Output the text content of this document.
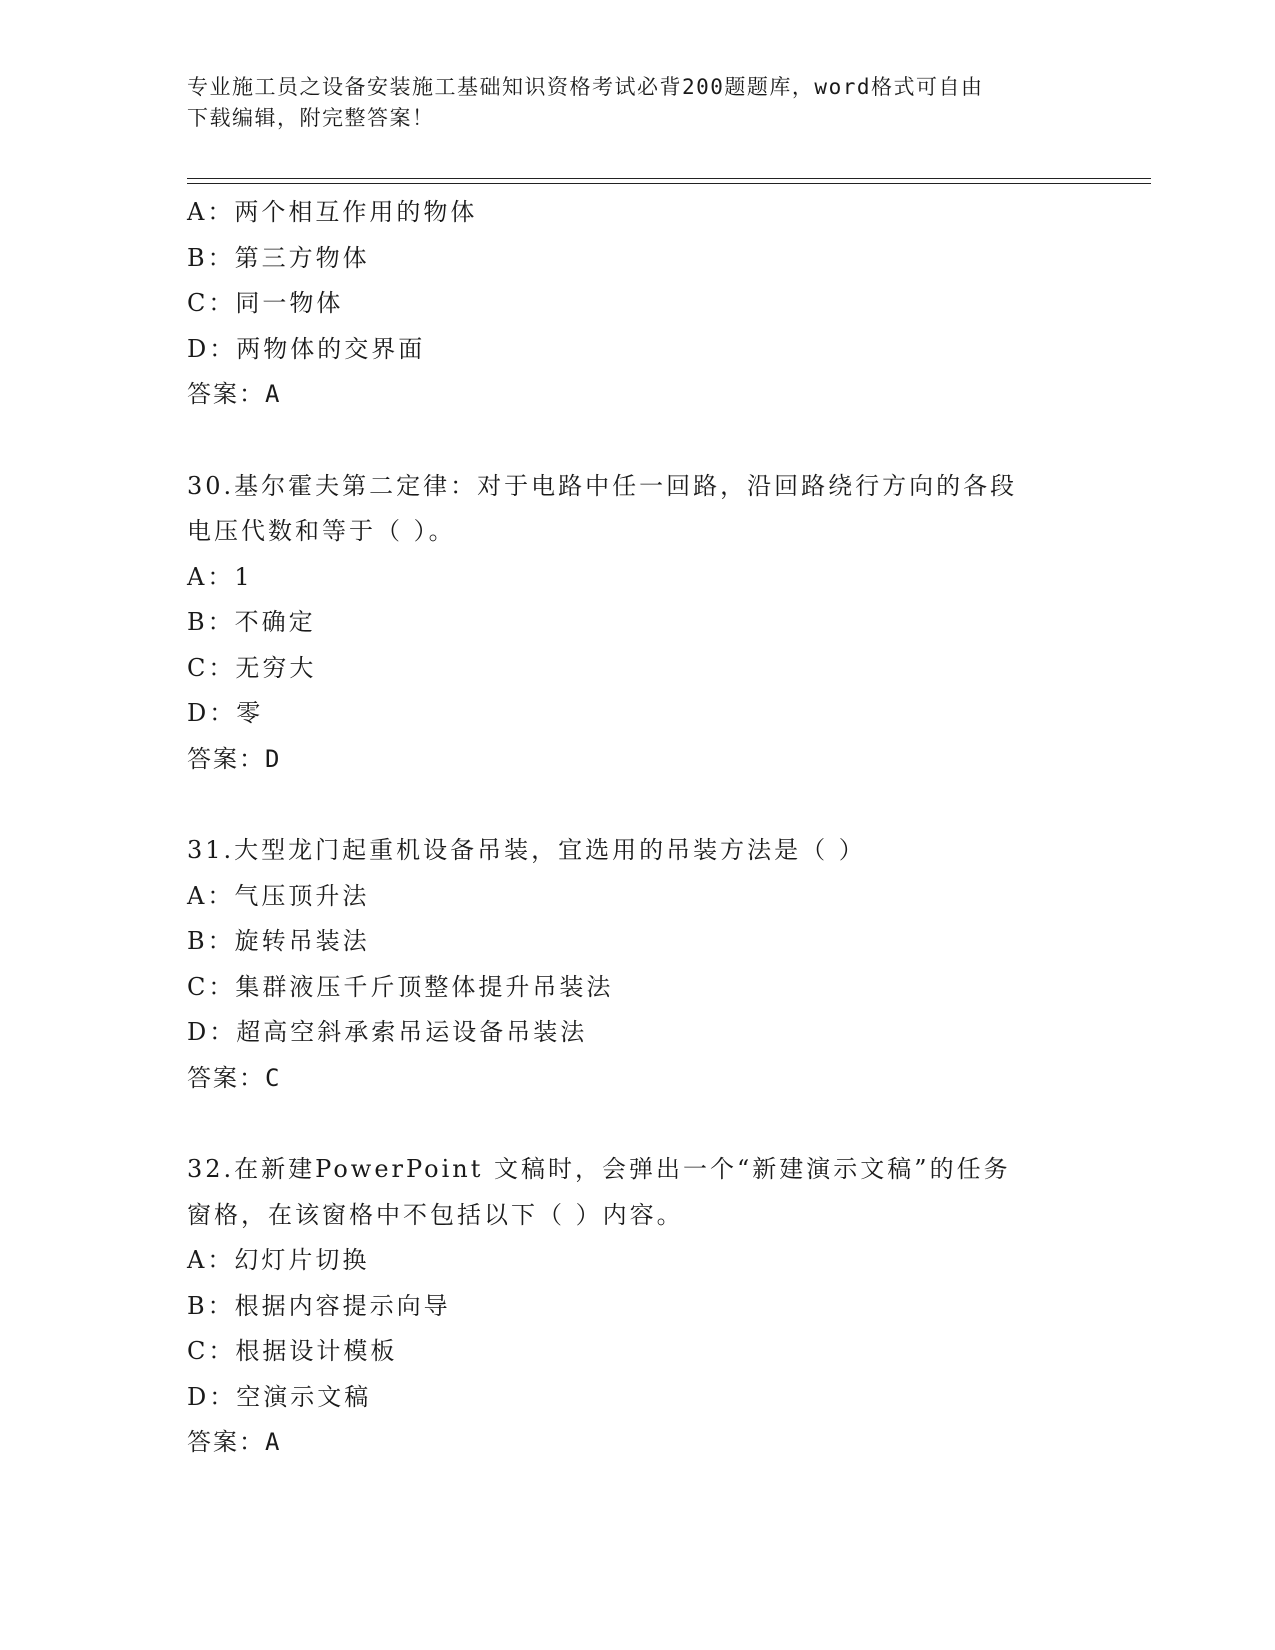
专业施工员之设备安装施工基础知识资格考试必背200题题库，word格式可自由
下载编辑，附完整答案！
A：两个相互作用的物体
B：第三方物体
C：同一物体
D：两物体的交界面
答案：A
30.基尔霍夫第二定律：对于电路中任一回路，沿回路绕行方向的各段
电压代数和等于（ ）。
A：1
B：不确定
C：无穷大
D：零
答案：D
31.大型龙门起重机设备吊装，宜选用的吊装方法是（ ）
A：气压顶升法
B：旋转吊装法
C：集群液压千斤顶整体提升吊装法
D：超高空斜承索吊运设备吊装法
答案：C
32.在新建PowerPoint 文稿时，会弹出一个“新建演示文稿”的任务
窗格，在该窗格中不包括以下（ ）内容。
A：幻灯片切换
B：根据内容提示向导
C：根据设计模板
D：空演示文稿
答案：A
